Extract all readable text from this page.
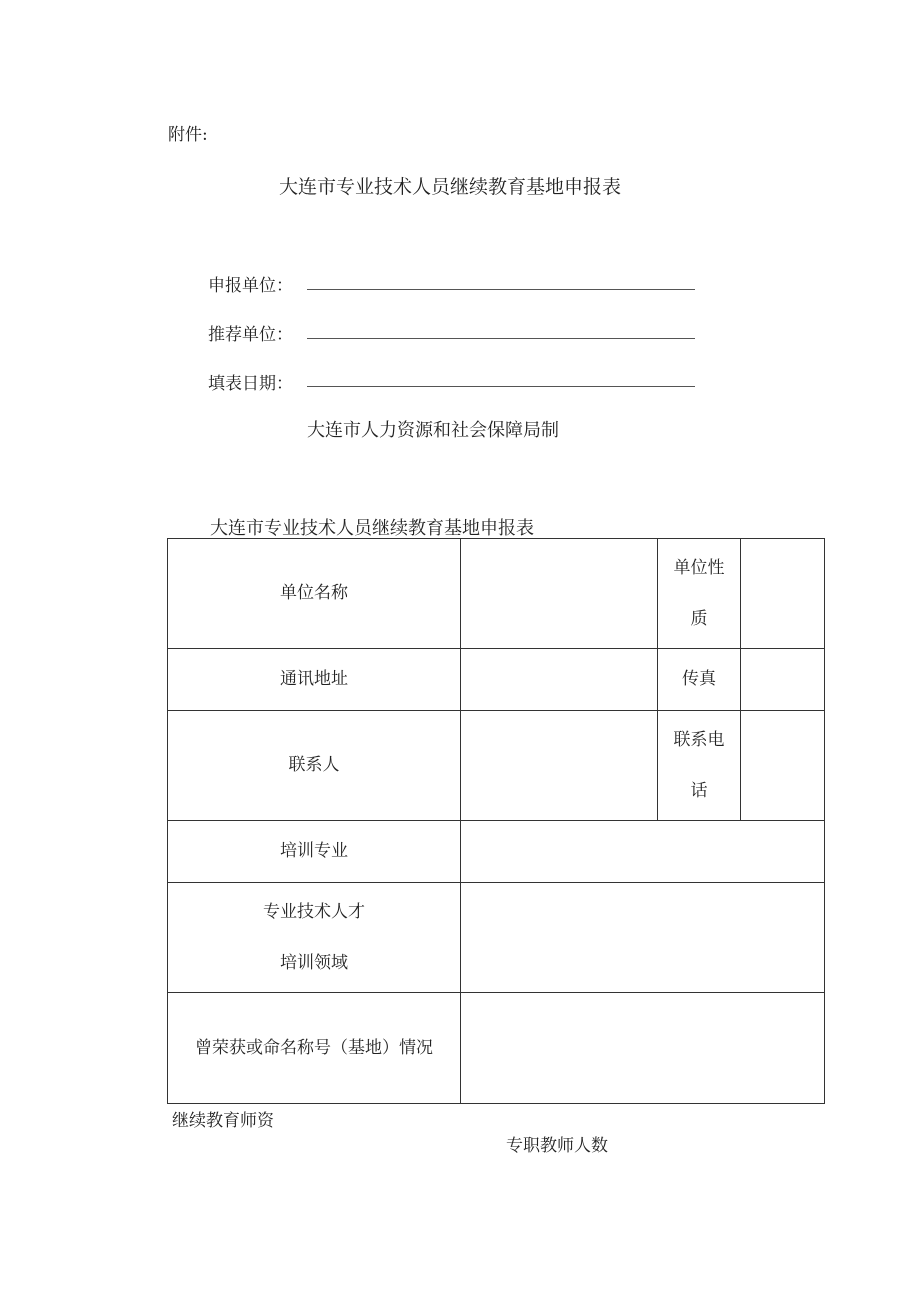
附件:
大连市专业技术人员继续教育基地申报表
申报单位：
推荐单位：
填表日期：
大连市人力资源和社会保障局制
大连市专业技术人员继续教育基地申报表
单位名称		单位性
质	

通讯地址		传真	
联系人		联系电
话	

培训专业			

专业技术人才
培训领域			

曾荣获或命名称号（基地）情况			
继续教育师资
专职教师人数
